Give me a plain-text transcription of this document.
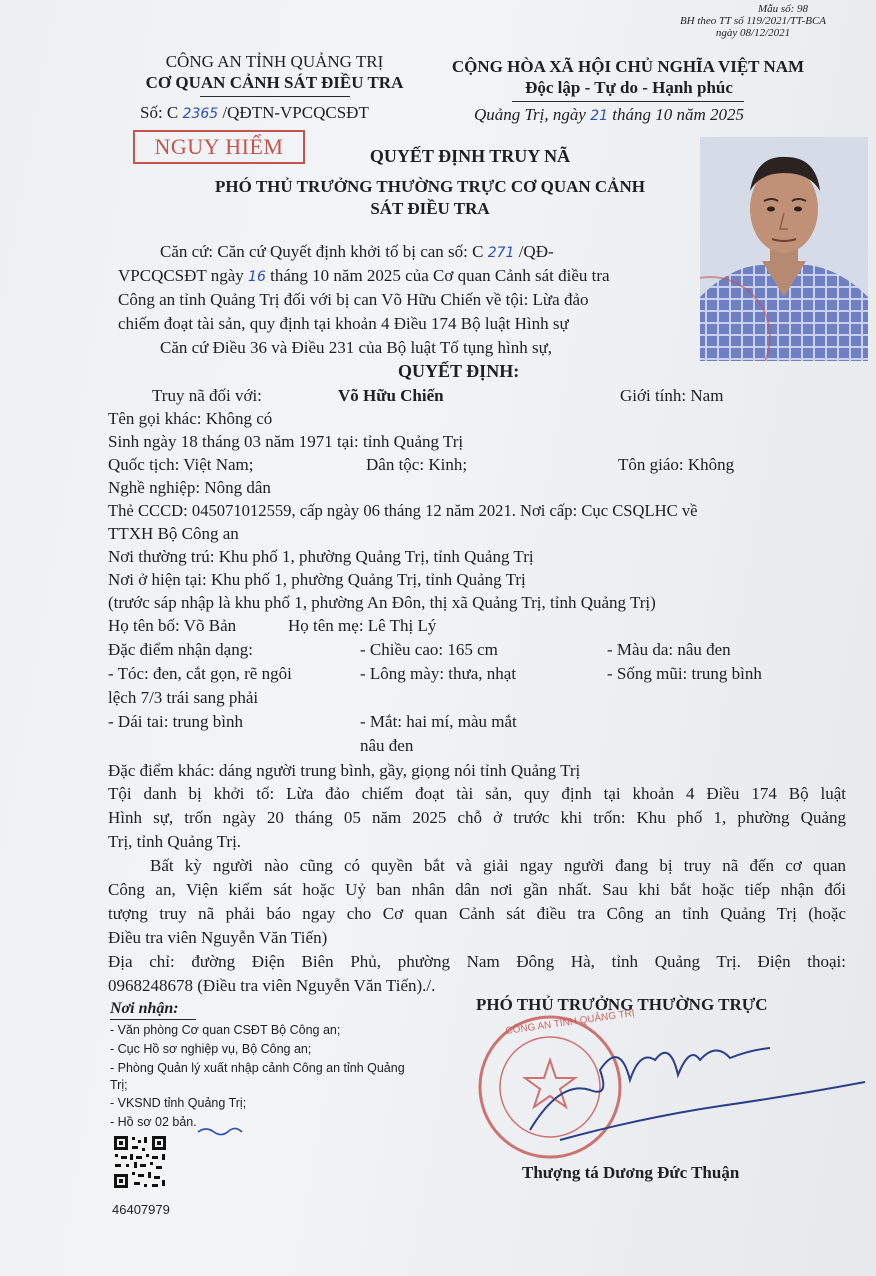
Mẫu số: 98
BH theo TT số 119/2021/TT-BCA
ngày 08/12/2021
CÔNG AN TỈNH QUẢNG TRỊ
CƠ QUAN CẢNH SÁT ĐIỀU TRA
Số: C 2365 /QĐTN-VPCQCSĐT
NGUY HIỂM
CỘNG HÒA XÃ HỘI CHỦ NGHĨA VIỆT NAM
Độc lập - Tự do - Hạnh phúc
Quảng Trị, ngày 21 tháng 10 năm 2025
QUYẾT ĐỊNH TRUY NÃ
PHÓ THỦ TRƯỞNG THƯỜNG TRỰC CƠ QUAN CẢNH
SÁT ĐIỀU TRA
Căn cứ: Căn cứ Quyết định khởi tố bị can số: C 271 /QĐ-
VPCQCSĐT ngày 16 tháng 10 năm 2025 của Cơ quan Cảnh sát điều tra
Công an tỉnh Quảng Trị đối với bị can Võ Hữu Chiến về tội: Lừa đảo
chiếm đoạt tài sản, quy định tại khoản 4 Điều 174 Bộ luật Hình sự
Căn cứ Điều 36 và Điều 231 của Bộ luật Tố tụng hình sự,
QUYẾT ĐỊNH:
Truy nã đối với:	Võ Hữu Chiến	Giới tính: Nam
Tên gọi khác: Không có
Sinh ngày 18 tháng 03 năm 1971 tại: tỉnh Quảng Trị
Quốc tịch: Việt Nam;	Dân tộc: Kinh;	Tôn giáo: Không
Nghề nghiệp: Nông dân
Thẻ CCCD: 045071012559, cấp ngày 06 tháng 12 năm 2021. Nơi cấp: Cục CSQLHC về
TTXH Bộ Công an
Nơi thường trú: Khu phố 1, phường Quảng Trị, tỉnh Quảng Trị
Nơi ở hiện tại: Khu phố 1, phường Quảng Trị, tỉnh Quảng Trị
(trước sáp nhập là khu phố 1, phường An Đôn, thị xã Quảng Trị, tỉnh Quảng Trị)
Họ tên bố: Võ Bản	Họ tên mẹ: Lê Thị Lý
Đặc điểm nhận dạng:	- Chiều cao: 165 cm	- Màu da: nâu đen
- Tóc: đen, cắt gọn, rẽ ngôi	- Lông mày: thưa, nhạt	- Sống mũi: trung bình
lệch 7/3 trái sang phải
- Dái tai: trung bình	- Mắt: hai mí, màu mắt
nâu đen
Đặc điểm khác: dáng người trung bình, gầy, giọng nói tỉnh Quảng Trị
Tội danh bị khởi tố: Lừa đảo chiếm đoạt tài sản, quy định tại khoản 4 Điều 174 Bộ luật
Hình sự, trốn ngày 20 tháng 05 năm 2025 chỗ ở trước khi trốn: Khu phố 1, phường Quảng
Trị, tỉnh Quảng Trị.
Bất kỳ người nào cũng có quyền bắt và giải ngay người đang bị truy nã đến cơ quan
Công an, Viện kiểm sát hoặc Uỷ ban nhân dân nơi gần nhất. Sau khi bắt hoặc tiếp nhận đối
tượng truy nã phải báo ngay cho Cơ quan Cảnh sát điều tra Công an tỉnh Quảng Trị (hoặc
Điều tra viên Nguyễn Văn Tiến)
Địa chỉ: đường Điện Biên Phủ, phường Nam Đông Hà, tỉnh Quảng Trị. Điện thoại:
0968248678 (Điều tra viên Nguyễn Văn Tiến)./.
Nơi nhận:
- Văn phòng Cơ quan CSĐT Bộ Công an;
- Cục Hồ sơ nghiệp vụ, Bộ Công an;
- Phòng Quản lý xuất nhập cảnh Công an tỉnh Quảng
Trị;
- VKSND tỉnh Quảng Trị;
- Hồ sơ 02 bản.
46407979
PHÓ THỦ TRƯỞNG THƯỜNG TRỰC
CÔNG AN TỈNH QUẢNG TRỊ
Thượng tá Dương Đức Thuận
